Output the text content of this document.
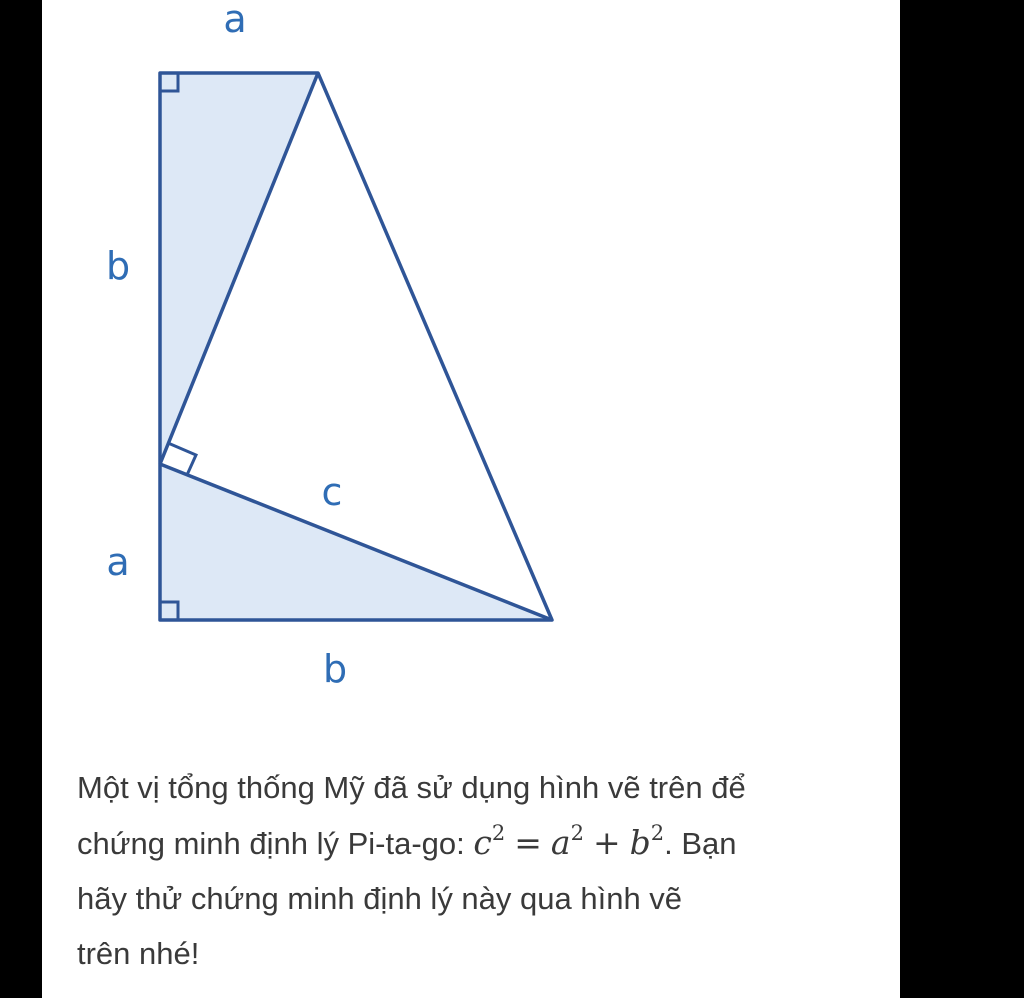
a
b
a
b
c
Một vị tổng thống Mỹ đã sử dụng hình vẽ trên để
chứng minh định lý Pi-ta-go: $c^2 = a^2 + b^2$. Bạn
hãy thử chứng minh định lý này qua hình vẽ
trên nhé!
